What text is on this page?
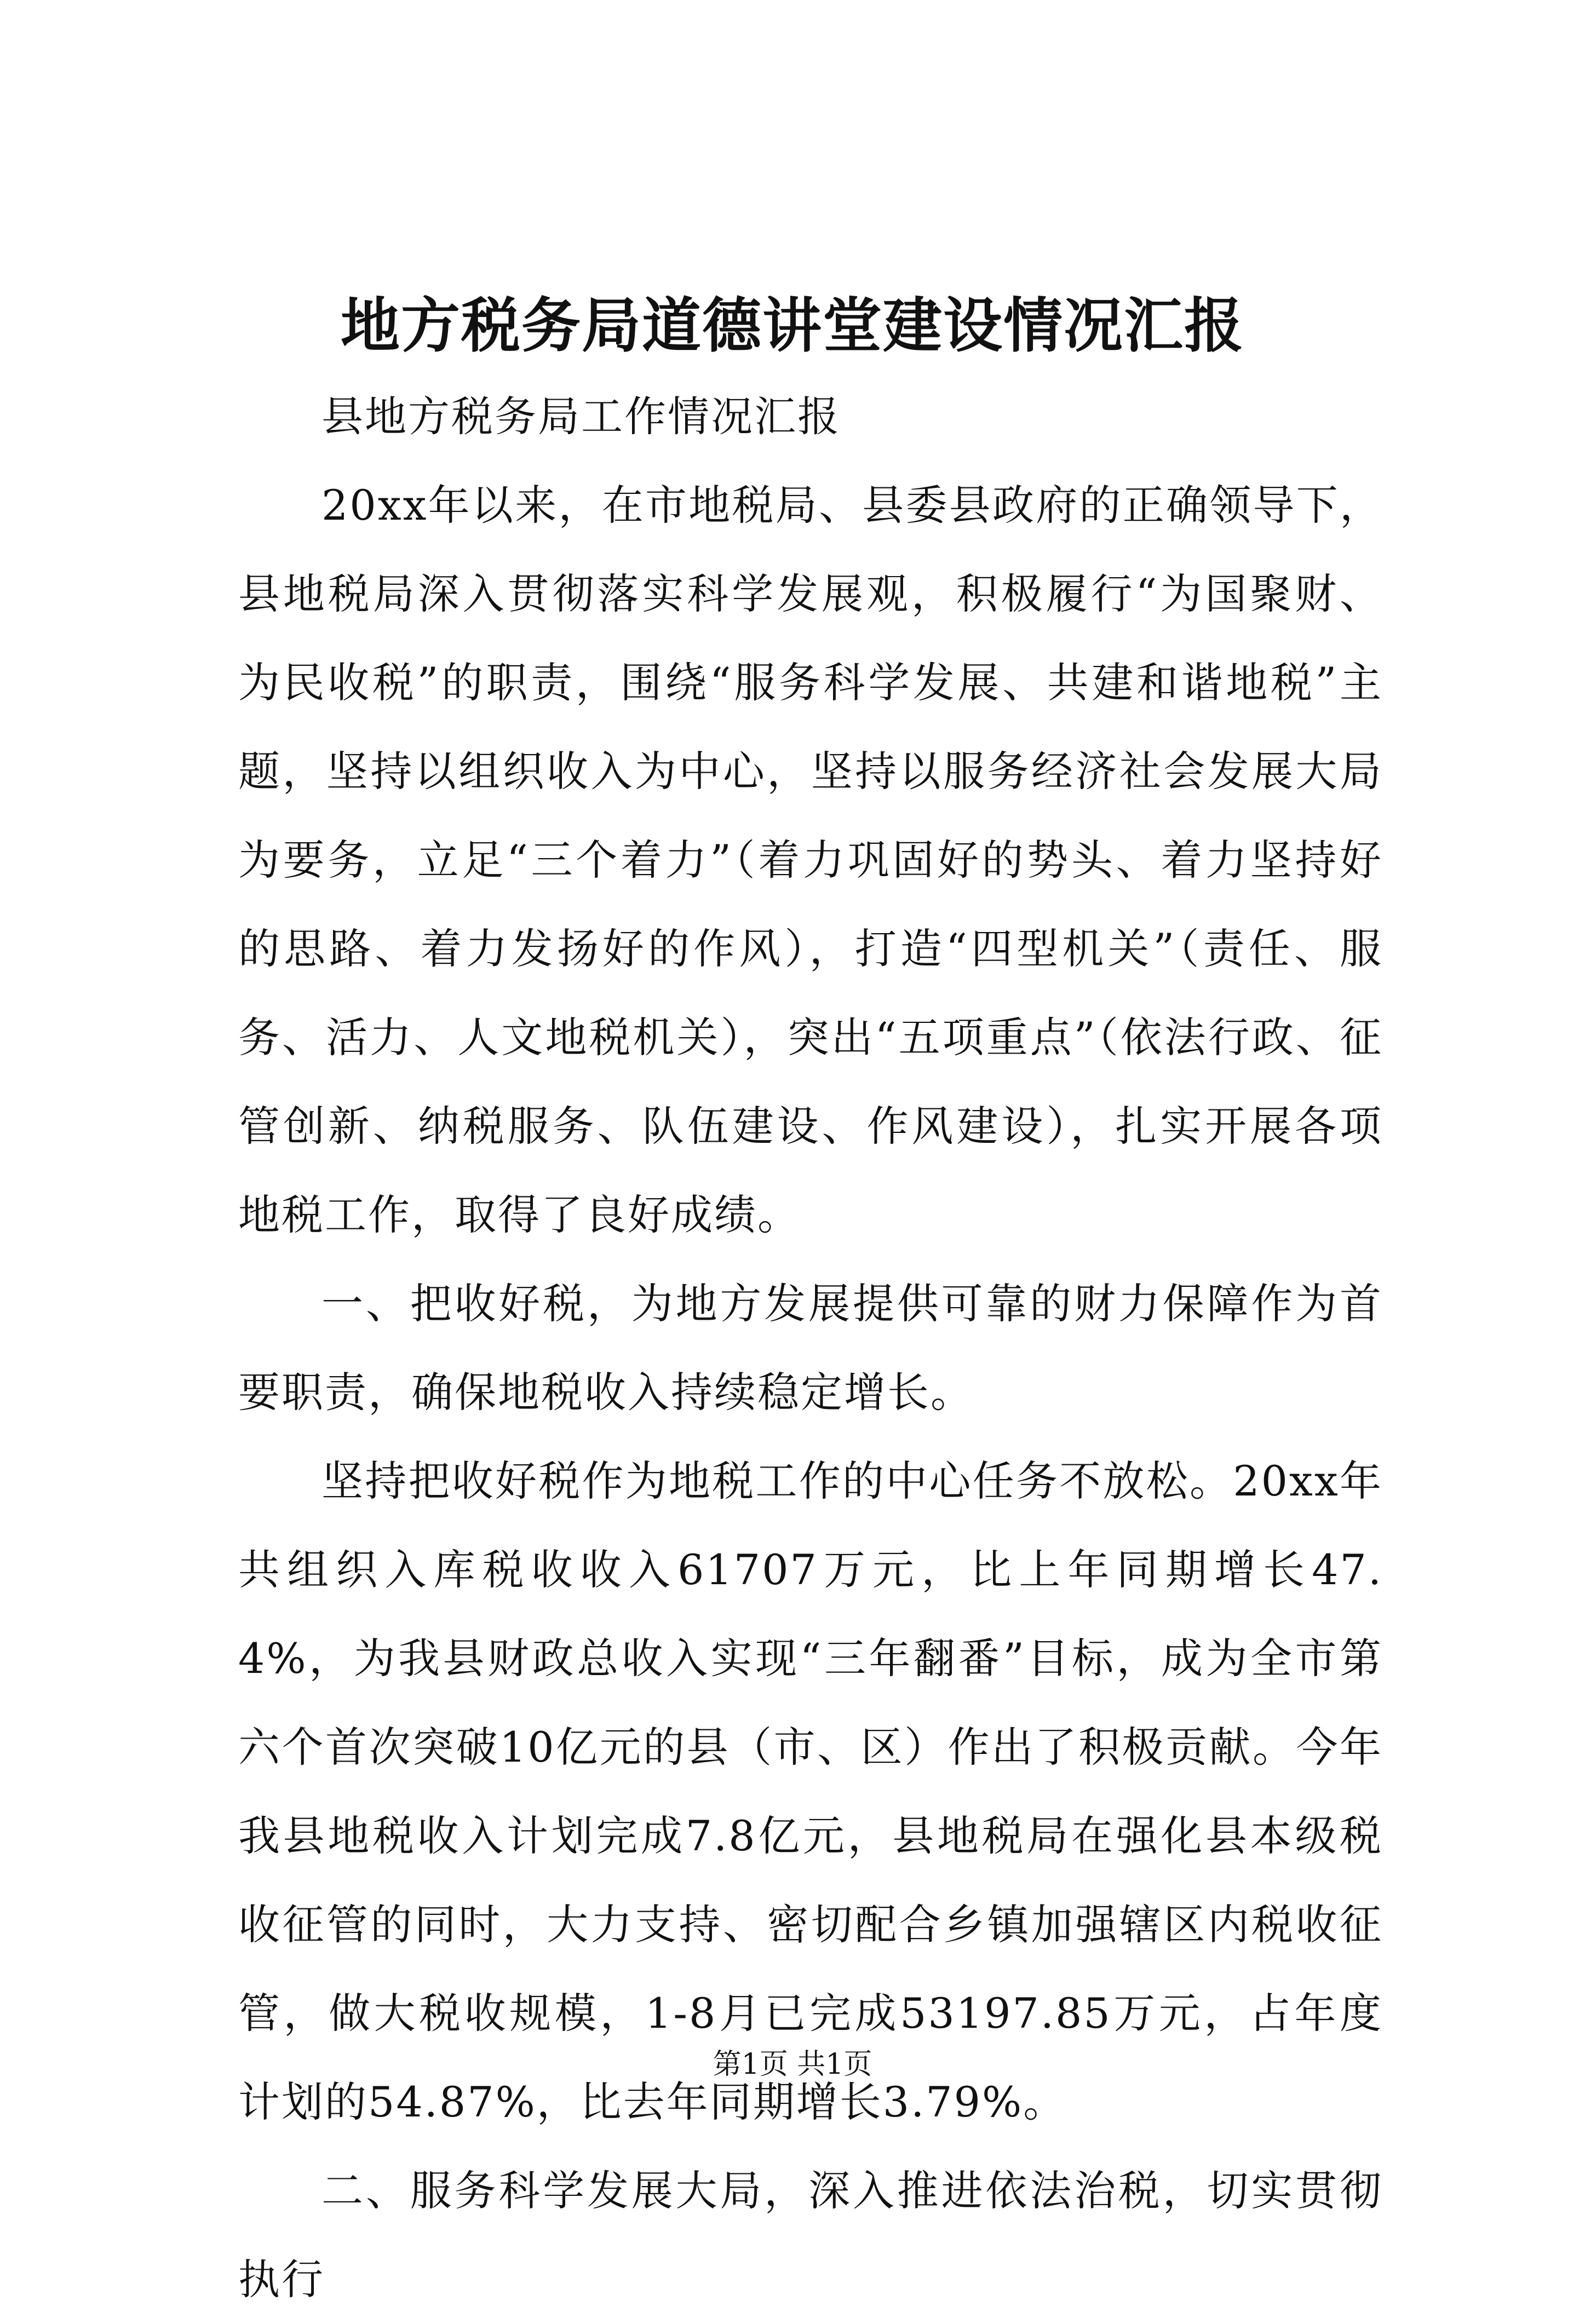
地方税务局道德讲堂建设情况汇报

县地方税务局工作情况汇报

20xx年以来，在市地税局、县委县政府的正确领导下，县地税局深入贯彻落实科学发展观，积极履行“为国聚财、为民收税”的职责，围绕“服务科学发展、共建和谐地税”主题，坚持以组织收入为中心，坚持以服务经济社会发展大局为要务，立足“三个着力”（着力巩固好的势头、着力坚持好的思路、着力发扬好的作风），打造“四型机关”（责任、服务、活力、人文地税机关），突出“五项重点”（依法行政、征管创新、纳税服务、队伍建设、作风建设），扎实开展各项地税工作，取得了良好成绩。

一、把收好税，为地方发展提供可靠的财力保障作为首要职责，确保地税收入持续稳定增长。

坚持把收好税作为地税工作的中心任务不放松。20xx年共组织入库税收收入61707万元，比上年同期增长47.4%，为我县财政总收入实现“三年翻番”目标，成为全市第六个首次突破10亿元的县（市、区）作出了积极贡献。今年我县地税收入计划完成7.8亿元，县地税局在强化县本级税收征管的同时，大力支持、密切配合乡镇加强辖区内税收征管，做大税收规模，1-8月已完成53197.85万元，占年度计划的54.87%，比去年同期增长3.79%。

二、服务科学发展大局，深入推进依法治税，切实贯彻执行

第1页 共1页
